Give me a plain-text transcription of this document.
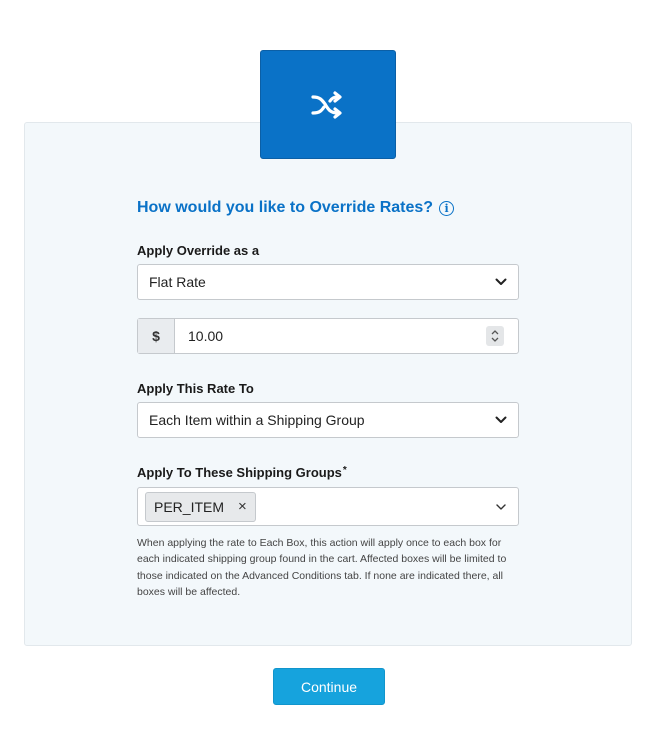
How would you like to Override Rates?	i
Apply Override as a
Flat Rate
$	10.00
Apply This Rate To
Each Item within a Shipping Group
Apply To These Shipping Groups*
PER_ITEM ×
When applying the rate to Each Box, this action will apply once to each box for each indicated shipping group found in the cart. Affected boxes will be limited to those indicated on the Advanced Conditions tab. If none are indicated there, all boxes will be affected.
Continue
